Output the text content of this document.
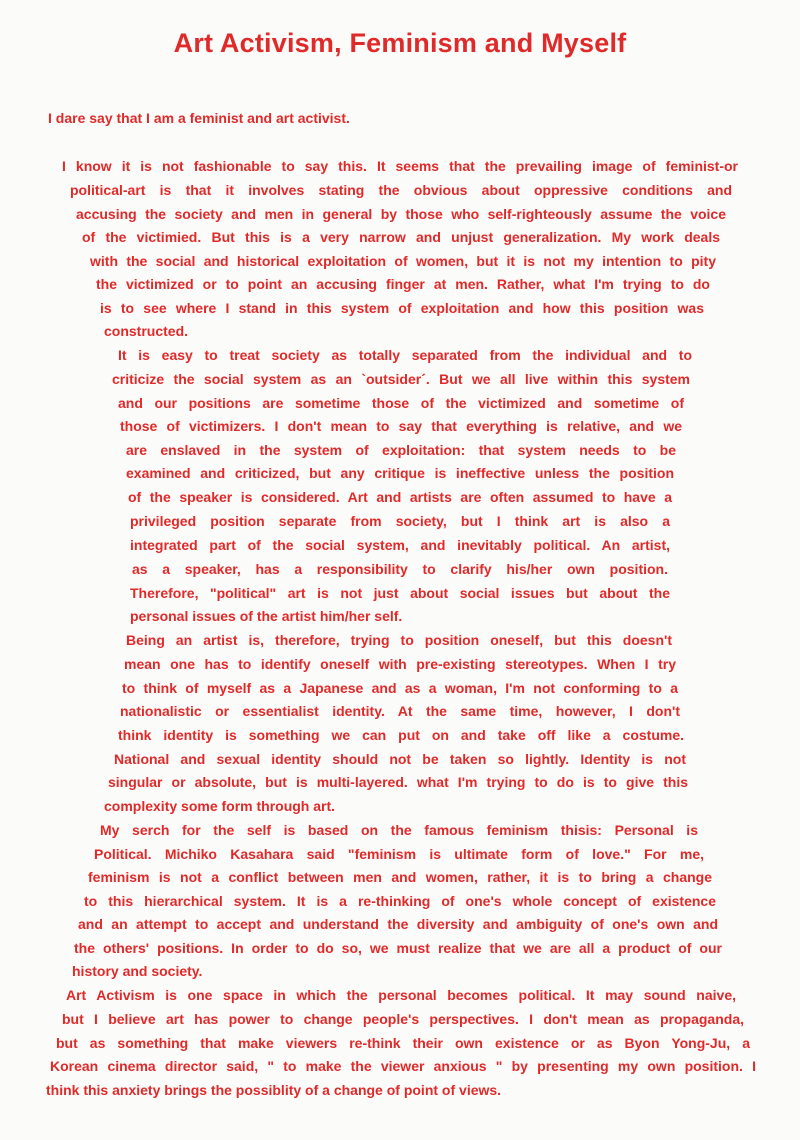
Art Activism, Feminism and Myself
I dare say that I am a feminist and art activist.
I know it is not fashionable to say this. It seems that the prevailing image of feminist-or
political-art is that it involves stating the obvious about oppressive conditions and
accusing the society and men in general by those who self-righteously assume the voice
of the victimied. But this is a very narrow and unjust generalization. My work deals
with the social and historical exploitation of women, but it is not my intention to pity
the victimized or to point an accusing finger at men. Rather, what I'm trying to do
is to see where I stand in this system of exploitation and how this position was
constructed.
It is easy to treat society as totally separated from the individual and to
criticize the social system as an `outsider´. But we all live within this system
and our positions are sometime those of the victimized and sometime of
those of victimizers. I don't mean to say that everything is relative, and we
are enslaved in the system of exploitation: that system needs to be
examined and criticized, but any critique is ineffective unless the position
of the speaker is considered. Art and artists are often assumed to have a
privileged position separate from society, but I think art is also a
integrated part of the social system, and inevitably political. An artist,
as a speaker, has a responsibility to clarify his/her own position.
Therefore, "political" art is not just about social issues but about the
personal issues of the artist him/her self.
Being an artist is, therefore, trying to position oneself, but this doesn't
mean one has to identify oneself with pre-existing stereotypes. When I try
to think of myself as a Japanese and as a woman, I'm not conforming to a
nationalistic or essentialist identity. At the same time, however, I don't
think identity is something we can put on and take off like a costume.
National and sexual identity should not be taken so lightly. Identity is not
singular or absolute, but is multi-layered. what I'm trying to do is to give this
complexity some form through art.
My serch for the self is based on the famous feminism thisis: Personal is
Political. Michiko Kasahara said "feminism is ultimate form of love." For me,
feminism is not a conflict between men and women, rather, it is to bring a change
to this hierarchical system. It is a re-thinking of one's whole concept of existence
and an attempt to accept and understand the diversity and ambiguity of one's own and
the others' positions. In order to do so, we must realize that we are all a product of our
history and society.
Art Activism is one space in which the personal becomes political. It may sound naive,
but I believe art has power to change people's perspectives. I don't mean as propaganda,
but as something that make viewers re-think their own existence or as Byon Yong-Ju, a
Korean cinema director said, " to make the viewer anxious " by presenting my own position. I
think this anxiety brings the possiblity of a change of point of views.
